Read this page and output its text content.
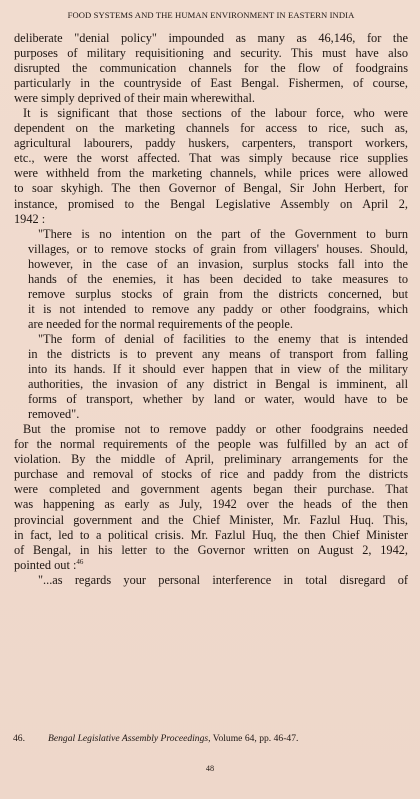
FOOD SYSTEMS AND THE HUMAN ENVIRONMENT IN EASTERN INDIA
deliberate "denial policy" impounded as many as 46,146, for the
purposes of military requisitioning and security. This must have also
disrupted the communication channels for the flow of foodgrains
particularly in the countryside of East Bengal. Fishermen, of course,
were simply deprived of their main wherewithal.
It is significant that those sections of the labour force, who were
dependent on the marketing channels for access to rice, such as,
agricultural labourers, paddy huskers, carpenters, transport workers,
etc., were the worst affected. That was simply because rice supplies
were withheld from the marketing channels, while prices were allowed
to soar skyhigh. The then Governor of Bengal, Sir John Herbert, for
instance, promised to the Bengal Legislative Assembly on April 2,
1942 :
"There is no intention on the part of the Government to burn
villages, or to remove stocks of grain from villagers' houses. Should,
however, in the case of an invasion, surplus stocks fall into the
hands of the enemies, it has been decided to take measures to
remove surplus stocks of grain from the districts concerned, but
it is not intended to remove any paddy or other foodgrains, which
are needed for the normal requirements of the people.
"The form of denial of facilities to the enemy that is intended
in the districts is to prevent any means of transport from falling
into its hands. If it should ever happen that in view of the military
authorities, the invasion of any district in Bengal is imminent, all
forms of transport, whether by land or water, would have to be
removed".
But the promise not to remove paddy or other foodgrains needed
for the normal requirements of the people was fulfilled by an act of
violation. By the middle of April, preliminary arrangements for the
purchase and removal of stocks of rice and paddy from the districts
were completed and government agents began their purchase. That
was happening as early as July, 1942 over the heads of the then
provincial government and the Chief Minister, Mr. Fazlul Huq. This,
in fact, led to a political crisis. Mr. Fazlul Huq, the then Chief Minister
of Bengal, in his letter to the Governor written on August 2, 1942,
pointed out :$^{46}$
"...as regards your personal interference in total disregard of
46. Bengal Legislative Assembly Proceedings, Volume 64, pp. 46-47.
48
